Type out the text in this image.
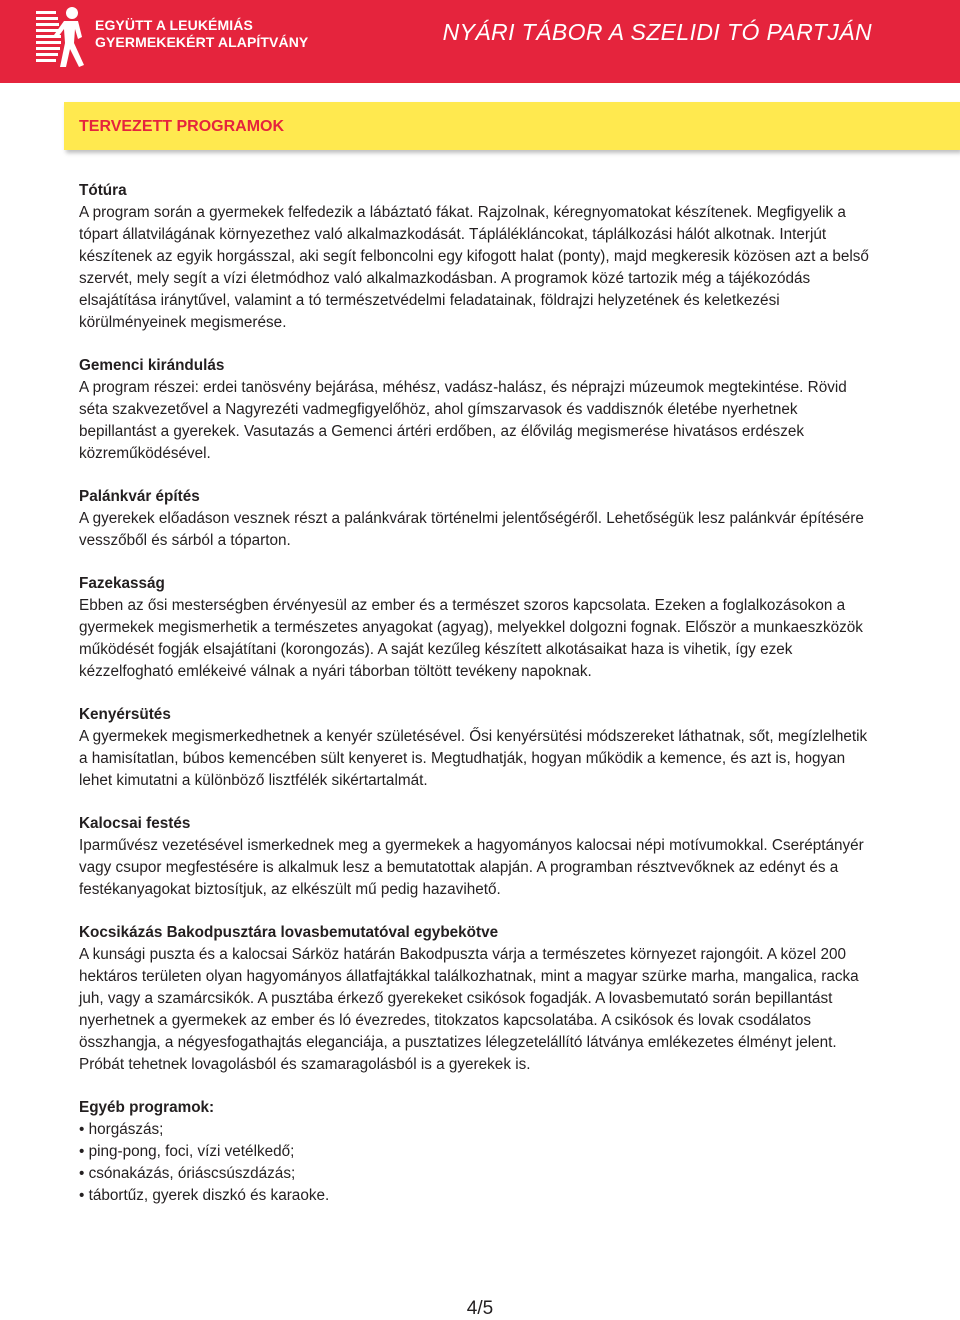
EGYÜTT A LEUKÉMIÁS
GYERMEKEKÉRT ALAPÍTVÁNY	NYÁRI TÁBOR A SZELIDI TÓ PARTJÁN
TERVEZETT PROGRAMOK

Tótúra

A program során a gyermekek felfedezik a lábáztató fákat. Rajzolnak, kéregnyomatokat készítenek. Megfigyelik a tópart állatvilágának környezethez való alkalmazkodását. Táplálékláncokat, táplálkozási hálót alkotnak. Interjút készítenek az egyik horgásszal, aki segít felboncolni egy kifogott halat (ponty), majd megkeresik közösen azt a belső szervét, mely segít a vízi életmódhoz való alkalmazkodásban. A programok közé tartozik még a tájékozódás elsajátítása iránytűvel, valamint a tó természetvédelmi feladatainak, földrajzi helyzetének és keletkezési körülményeinek megismerése.

Gemenci kirándulás

A program részei: erdei tanösvény bejárása, méhész, vadász-halász, és néprajzi múzeumok megtekintése. Rövid séta szakvezetővel a Nagyrezéti vadmegfigyelőhöz, ahol gímszarvasok és vaddisznók életébe nyerhetnek bepillantást a gyerekek. Vasutazás a Gemenci ártéri erdőben, az élővilág megismerése hivatásos erdészek közreműködésével.

Palánkvár építés

A gyerekek előadáson vesznek részt a palánkvárak történelmi jelentőségéről. Lehetőségük lesz palánkvár építésére vesszőből és sárból a tóparton.

Fazekasság

Ebben az ősi mesterségben érvényesül az ember és a természet szoros kapcsolata. Ezeken a foglalkozásokon a gyermekek megismerhetik a természetes anyagokat (agyag), melyekkel dolgozni fognak. Először a munkaeszközök működését fogják elsajátítani (korongozás). A saját kezűleg készített alkotásaikat haza is vihetik, így ezek kézzelfogható emlékeivé válnak a nyári táborban töltött tevékeny napoknak.

Kenyérsütés

A gyermekek megismerkedhetnek a kenyér születésével. Ősi kenyérsütési módszereket láthatnak, sőt, megízlelhetik a hamisítatlan, búbos kemencében sült kenyeret is. Megtudhatják, hogyan működik a kemence, és azt is, hogyan lehet kimutatni a különböző lisztfélék sikértartalmát.

Kalocsai festés

Iparművész vezetésével ismerkednek meg a gyermekek a hagyományos kalocsai népi motívumokkal. Cseréptányér vagy csupor megfestésére is alkalmuk lesz a bemutatottak alapján. A programban résztvevőknek az edényt és a festékanyagokat biztosítjuk, az elkészült mű pedig hazavihető.

Kocsikázás Bakodpusztára lovasbemutatóval egybekötve

A kunsági puszta és a kalocsai Sárköz határán Bakodpuszta várja a természetes környezet rajongóit. A közel 200 hektáros területen olyan hagyományos állatfajtákkal találkozhatnak, mint a magyar szürke marha, mangalica, racka juh, vagy a szamárcsikók. A pusztába érkező gyerekeket csikósok fogadják. A lovasbemutató során bepillantást nyerhetnek a gyermekek az ember és ló évezredes, titokzatos kapcsolatába. A csikósok és lovak csodálatos összhangja, a négyesfogathajtás eleganciája, a pusztatizes lélegzetelállító látványa emlékezetes élményt jelent. Próbát tehetnek lovagolásból és szamaragolásból is a gyerekek is.

Egyéb programok:

• horgászás;
• ping-pong, foci, vízi vetélkedő;
• csónakázás, óriáscsúszdázás;
• tábortűz, gyerek diszkó és karaoke.
4/5
